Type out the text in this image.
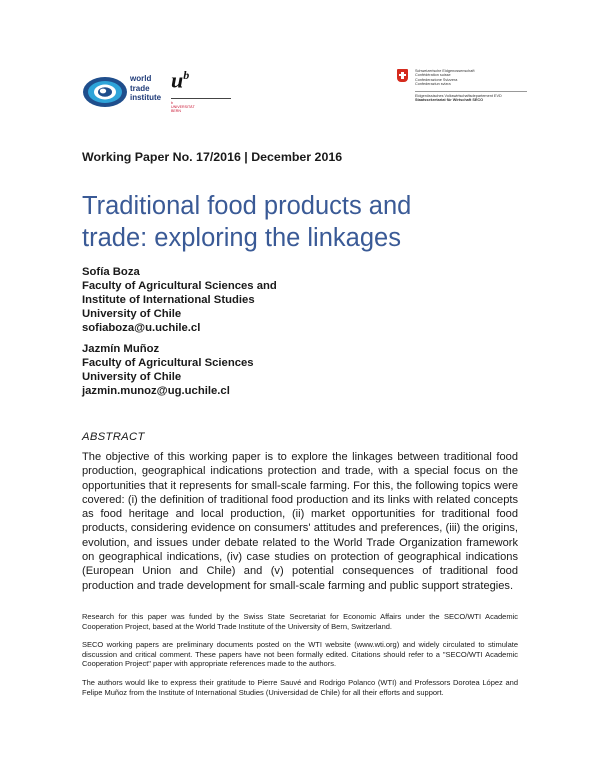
world
trade
institute
$u^b$
b
UNIVERSITÄT
BERN
Schweizerische Eidgenossenschaft
Confédération suisse
Confederazione Svizzera
Confederaziun svizra
Eidgenössisches Volkswirtschaftsdepartement EVD
Staatssekretariat für Wirtschaft SECO
Working Paper No. 17/2016 | December 2016
Traditional food products and
trade: exploring the linkages
Sofía Boza
Faculty of Agricultural Sciences and
Institute of International Studies
University of Chile
sofiaboza@u.uchile.cl
Jazmín Muñoz
Faculty of Agricultural Sciences
University of Chile
jazmin.munoz@ug.uchile.cl
ABSTRACT
The objective of this working paper is to explore the linkages between traditional food production, geographical indications protection and trade, with a special focus on the opportunities that it represents for small-scale farming. For this, the following topics were covered: (i) the definition of traditional food production and its links with related concepts as food heritage and local production, (ii) market opportunities for traditional food products, considering evidence on consumers' attitudes and preferences, (iii) the origins, evolution, and issues under debate related to the World Trade Organization framework on geographical indications, (iv) case studies on protection of geographical indications (European Union and Chile) and (v) potential consequences of traditional food production and trade development for small-scale farming and public support strategies.
Research for this paper was funded by the Swiss State Secretariat for Economic Affairs under the SECO/WTI Academic Cooperation Project, based at the World Trade Institute of the University of Bern, Switzerland.
SECO working papers are preliminary documents posted on the WTI website (www.wti.org) and widely circulated to stimulate discussion and critical comment. These papers have not been formally edited. Citations should refer to a "SECO/WTI Academic Cooperation Project" paper with appropriate references made to the authors.
The authors would like to express their gratitude to Pierre Sauvé and Rodrigo Polanco (WTI) and Professors Dorotea López and Felipe Muñoz from the Institute of International Studies (Universidad de Chile) for all their efforts and support.
